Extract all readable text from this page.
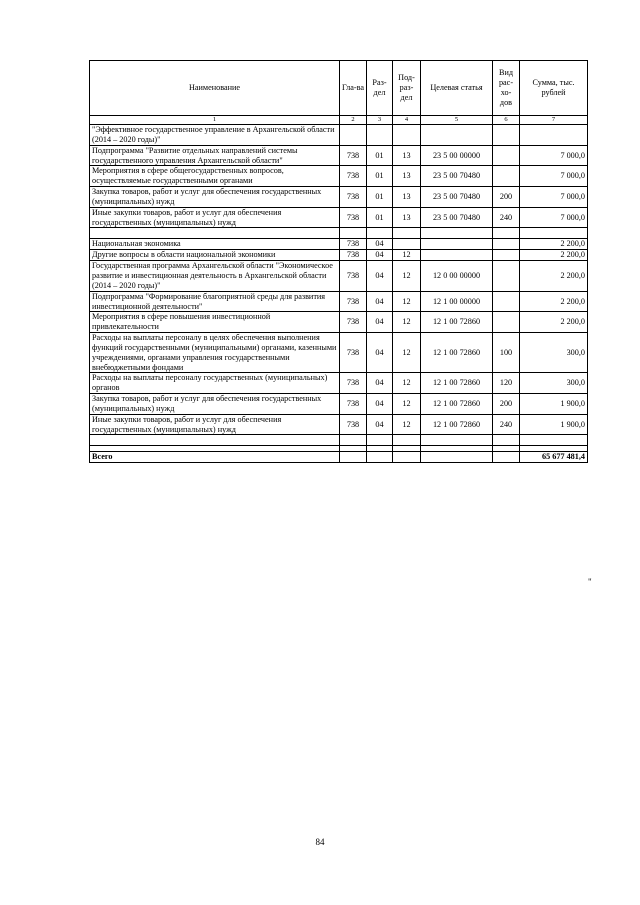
Наименование	Гла-ва	Раз-дел	Под-раз-дел	Целевая статья	Вид рас-хо-дов	Сумма, тыс. рублей
1	2	3	4	5	6	7
"Эффективное государственное управление в Архангельской области (2014 – 2020 годы)"						
Подпрограмма "Развитие отдельных направлений системы государственного управления Архангельской области"	738	01	13	23 5 00 00000		7 000,0
Мероприятия в сфере общегосударственных вопросов, осуществляемые государственными органами	738	01	13	23 5 00 70480		7 000,0
Закупка товаров, работ и услуг для обеспечения государственных (муниципальных) нужд	738	01	13	23 5 00 70480	200	7 000,0
Иные закупки товаров, работ и услуг для обеспечения государственных (муниципальных) нужд	738	01	13	23 5 00 70480	240	7 000,0

Национальная экономика	738	04				2 200,0
Другие вопросы в области национальной экономики	738	04	12			2 200,0
Государственная программа Архангельской области "Экономическое развитие и инвестиционная деятельность в Архангельской области (2014 – 2020 годы)"	738	04	12	12 0 00 00000		2 200,0
Подпрограмма "Формирование благоприятной среды для развития инвестиционной деятельности"	738	04	12	12 1 00 00000		2 200,0
Мероприятия в сфере повышения инвестиционной привлекательности	738	04	12	12 1 00 72860		2 200,0
Расходы на выплаты персоналу в целях обеспечения выполнения функций государственными (муниципальными) органами, казенными учреждениями, органами управления государственными внебюджетными фондами	738	04	12	12 1 00 72860	100	300,0
Расходы на выплаты персоналу государственных (муниципальных) органов	738	04	12	12 1 00 72860	120	300,0
Закупка товаров, работ и услуг для обеспечения государственных (муниципальных) нужд	738	04	12	12 1 00 72860	200	1 900,0
Иные закупки товаров, работ и услуг для обеспечения государственных (муниципальных) нужд	738	04	12	12 1 00 72860	240	1 900,0

Всего						65 677 481,4
"
84
